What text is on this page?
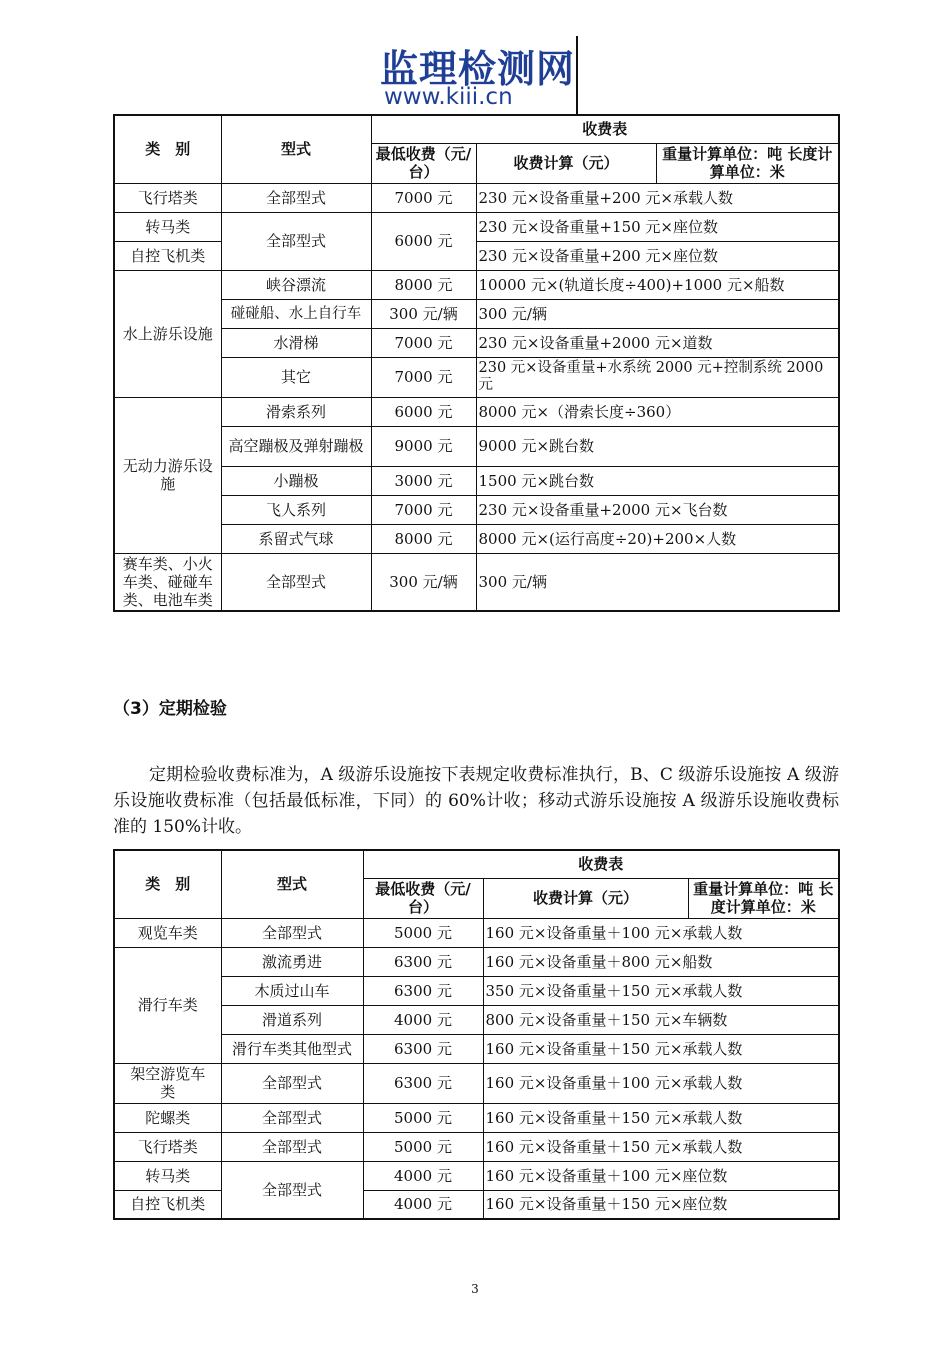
监理检测网
www.kiii.cn
类　别	型式	收费表		
		最低收费（元/台）	收费计算（元）	重量计算单位：吨 长度计算单位：米
飞行塔类	全部型式	7000 元	230 元×设备重量+200 元×承载人数	
转马类	全部型式	6000 元	230 元×设备重量+150 元×座位数	
自控飞机类			230 元×设备重量+200 元×座位数	
水上游乐设施	峡谷漂流	8000 元	10000 元×(轨道长度÷400)+1000 元×船数	
	碰碰船、水上自行车	300 元/辆	300 元/辆	
	水滑梯	7000 元	230 元×设备重量+2000 元×道数	
	其它	7000 元	230 元×设备重量+水系统 2000 元+控制系统 2000 元	
无动力游乐设施	滑索系列	6000 元	8000 元×（滑索长度÷360）	
	高空蹦极及弹射蹦极	9000 元	9000 元×跳台数	
	小蹦极	3000 元	1500 元×跳台数	
	飞人系列	7000 元	230 元×设备重量+2000 元×飞台数	
	系留式气球	8000 元	8000 元×(运行高度÷20)+200×人数	
赛车类、小火车类、碰碰车类、电池车类	全部型式	300 元/辆	300 元/辆	
（3）定期检验
定期检验收费标准为，A 级游乐设施按下表规定收费标准执行，B、C 级游乐设施按 A 级游乐设施收费标准（包括最低标准，下同）的 60%计收；移动式游乐设施按 A 级游乐设施收费标准的 150%计收。
类　别	型式	收费表		
		最低收费（元/台）	收费计算（元）	重量计算单位：吨 长度计算单位：米
观览车类	全部型式	5000 元	160 元×设备重量＋100 元×承载人数	
滑行车类	激流勇进	6300 元	160 元×设备重量＋800 元×船数	
	木质过山车	6300 元	350 元×设备重量＋150 元×承载人数	
	滑道系列	4000 元	800 元×设备重量＋150 元×车辆数	
	滑行车类其他型式	6300 元	160 元×设备重量＋150 元×承载人数	
架空游览车类	全部型式	6300 元	160 元×设备重量＋100 元×承载人数	
陀螺类	全部型式	5000 元	160 元×设备重量＋150 元×承载人数	
飞行塔类	全部型式	5000 元	160 元×设备重量＋150 元×承载人数	
转马类	全部型式	4000 元	160 元×设备重量＋100 元×座位数	
自控飞机类		4000 元	160 元×设备重量＋150 元×座位数	
3
